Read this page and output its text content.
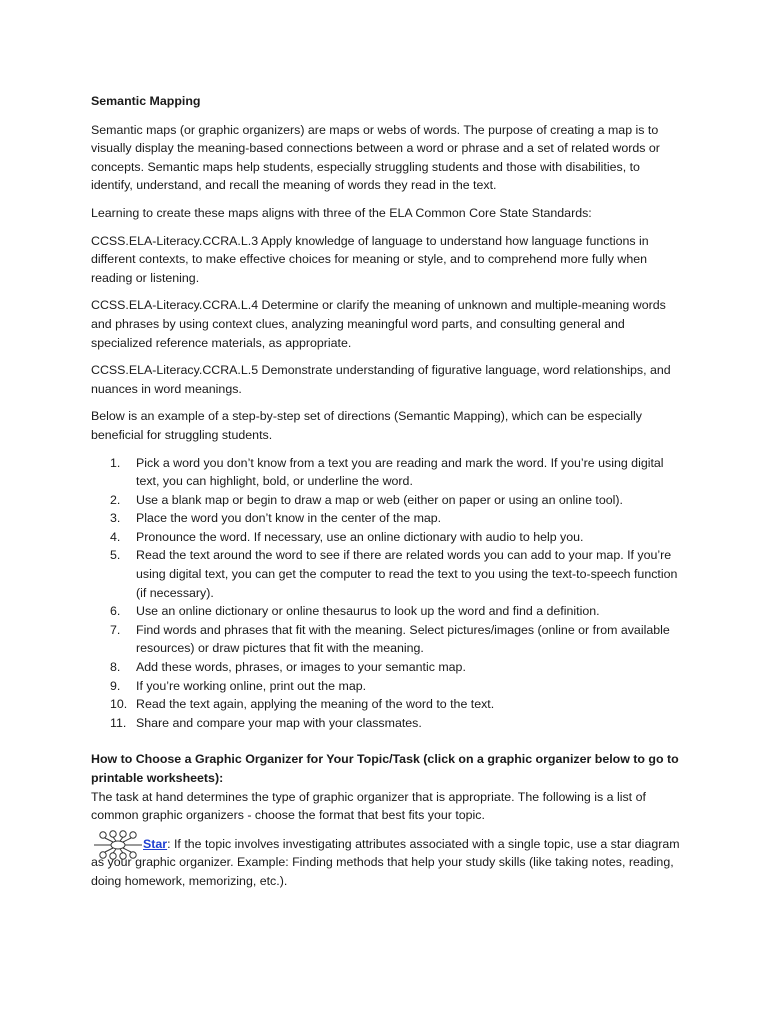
Semantic Mapping

Semantic maps (or graphic organizers) are maps or webs of words. The purpose of creating a map is to visually display the meaning-based connections between a word or phrase and a set of related words or concepts. Semantic maps help students, especially struggling students and those with disabilities, to identify, understand, and recall the meaning of words they read in the text.

Learning to create these maps aligns with three of the ELA Common Core State Standards:

CCSS.ELA-Literacy.CCRA.L.3 Apply knowledge of language to understand how language functions in different contexts, to make effective choices for meaning or style, and to comprehend more fully when reading or listening.

CCSS.ELA-Literacy.CCRA.L.4 Determine or clarify the meaning of unknown and multiple-meaning words and phrases by using context clues, analyzing meaningful word parts, and consulting general and specialized reference materials, as appropriate.

CCSS.ELA-Literacy.CCRA.L.5 Demonstrate understanding of figurative language, word relationships, and nuances in word meanings.

Below is an example of a step-by-step set of directions (Semantic Mapping), which can be especially beneficial for struggling students.

1.	Pick a word you don’t know from a text you are reading and mark the word. If you’re using digital text, you can highlight, bold, or underline the word.
2.	Use a blank map or begin to draw a map or web (either on paper or using an online tool).
3.	Place the word you don’t know in the center of the map.
4.	Pronounce the word. If necessary, use an online dictionary with audio to help you.
5.	Read the text around the word to see if there are related words you can add to your map. If you’re using digital text, you can get the computer to read the text to you using the text-to-speech function (if necessary).
6.	Use an online dictionary or online thesaurus to look up the word and find a definition.
7.	Find words and phrases that fit with the meaning. Select pictures/images (online or from available resources) or draw pictures that fit with the meaning.
8.	Add these words, phrases, or images to your semantic map.
9.	If you’re working online, print out the map.
10. Read the text again, applying the meaning of the word to the text.
11. Share and compare your map with your classmates.

How to Choose a Graphic Organizer for Your Topic/Task (click on a graphic organizer below to go to printable worksheets):

The task at hand determines the type of graphic organizer that is appropriate. The following is a list of common graphic organizers - choose the format that best fits your topic.

Star: If the topic involves investigating attributes associated with a single topic, use a star diagram as your graphic organizer. Example: Finding methods that help your study skills (like taking notes, reading, doing homework, memorizing, etc.).
